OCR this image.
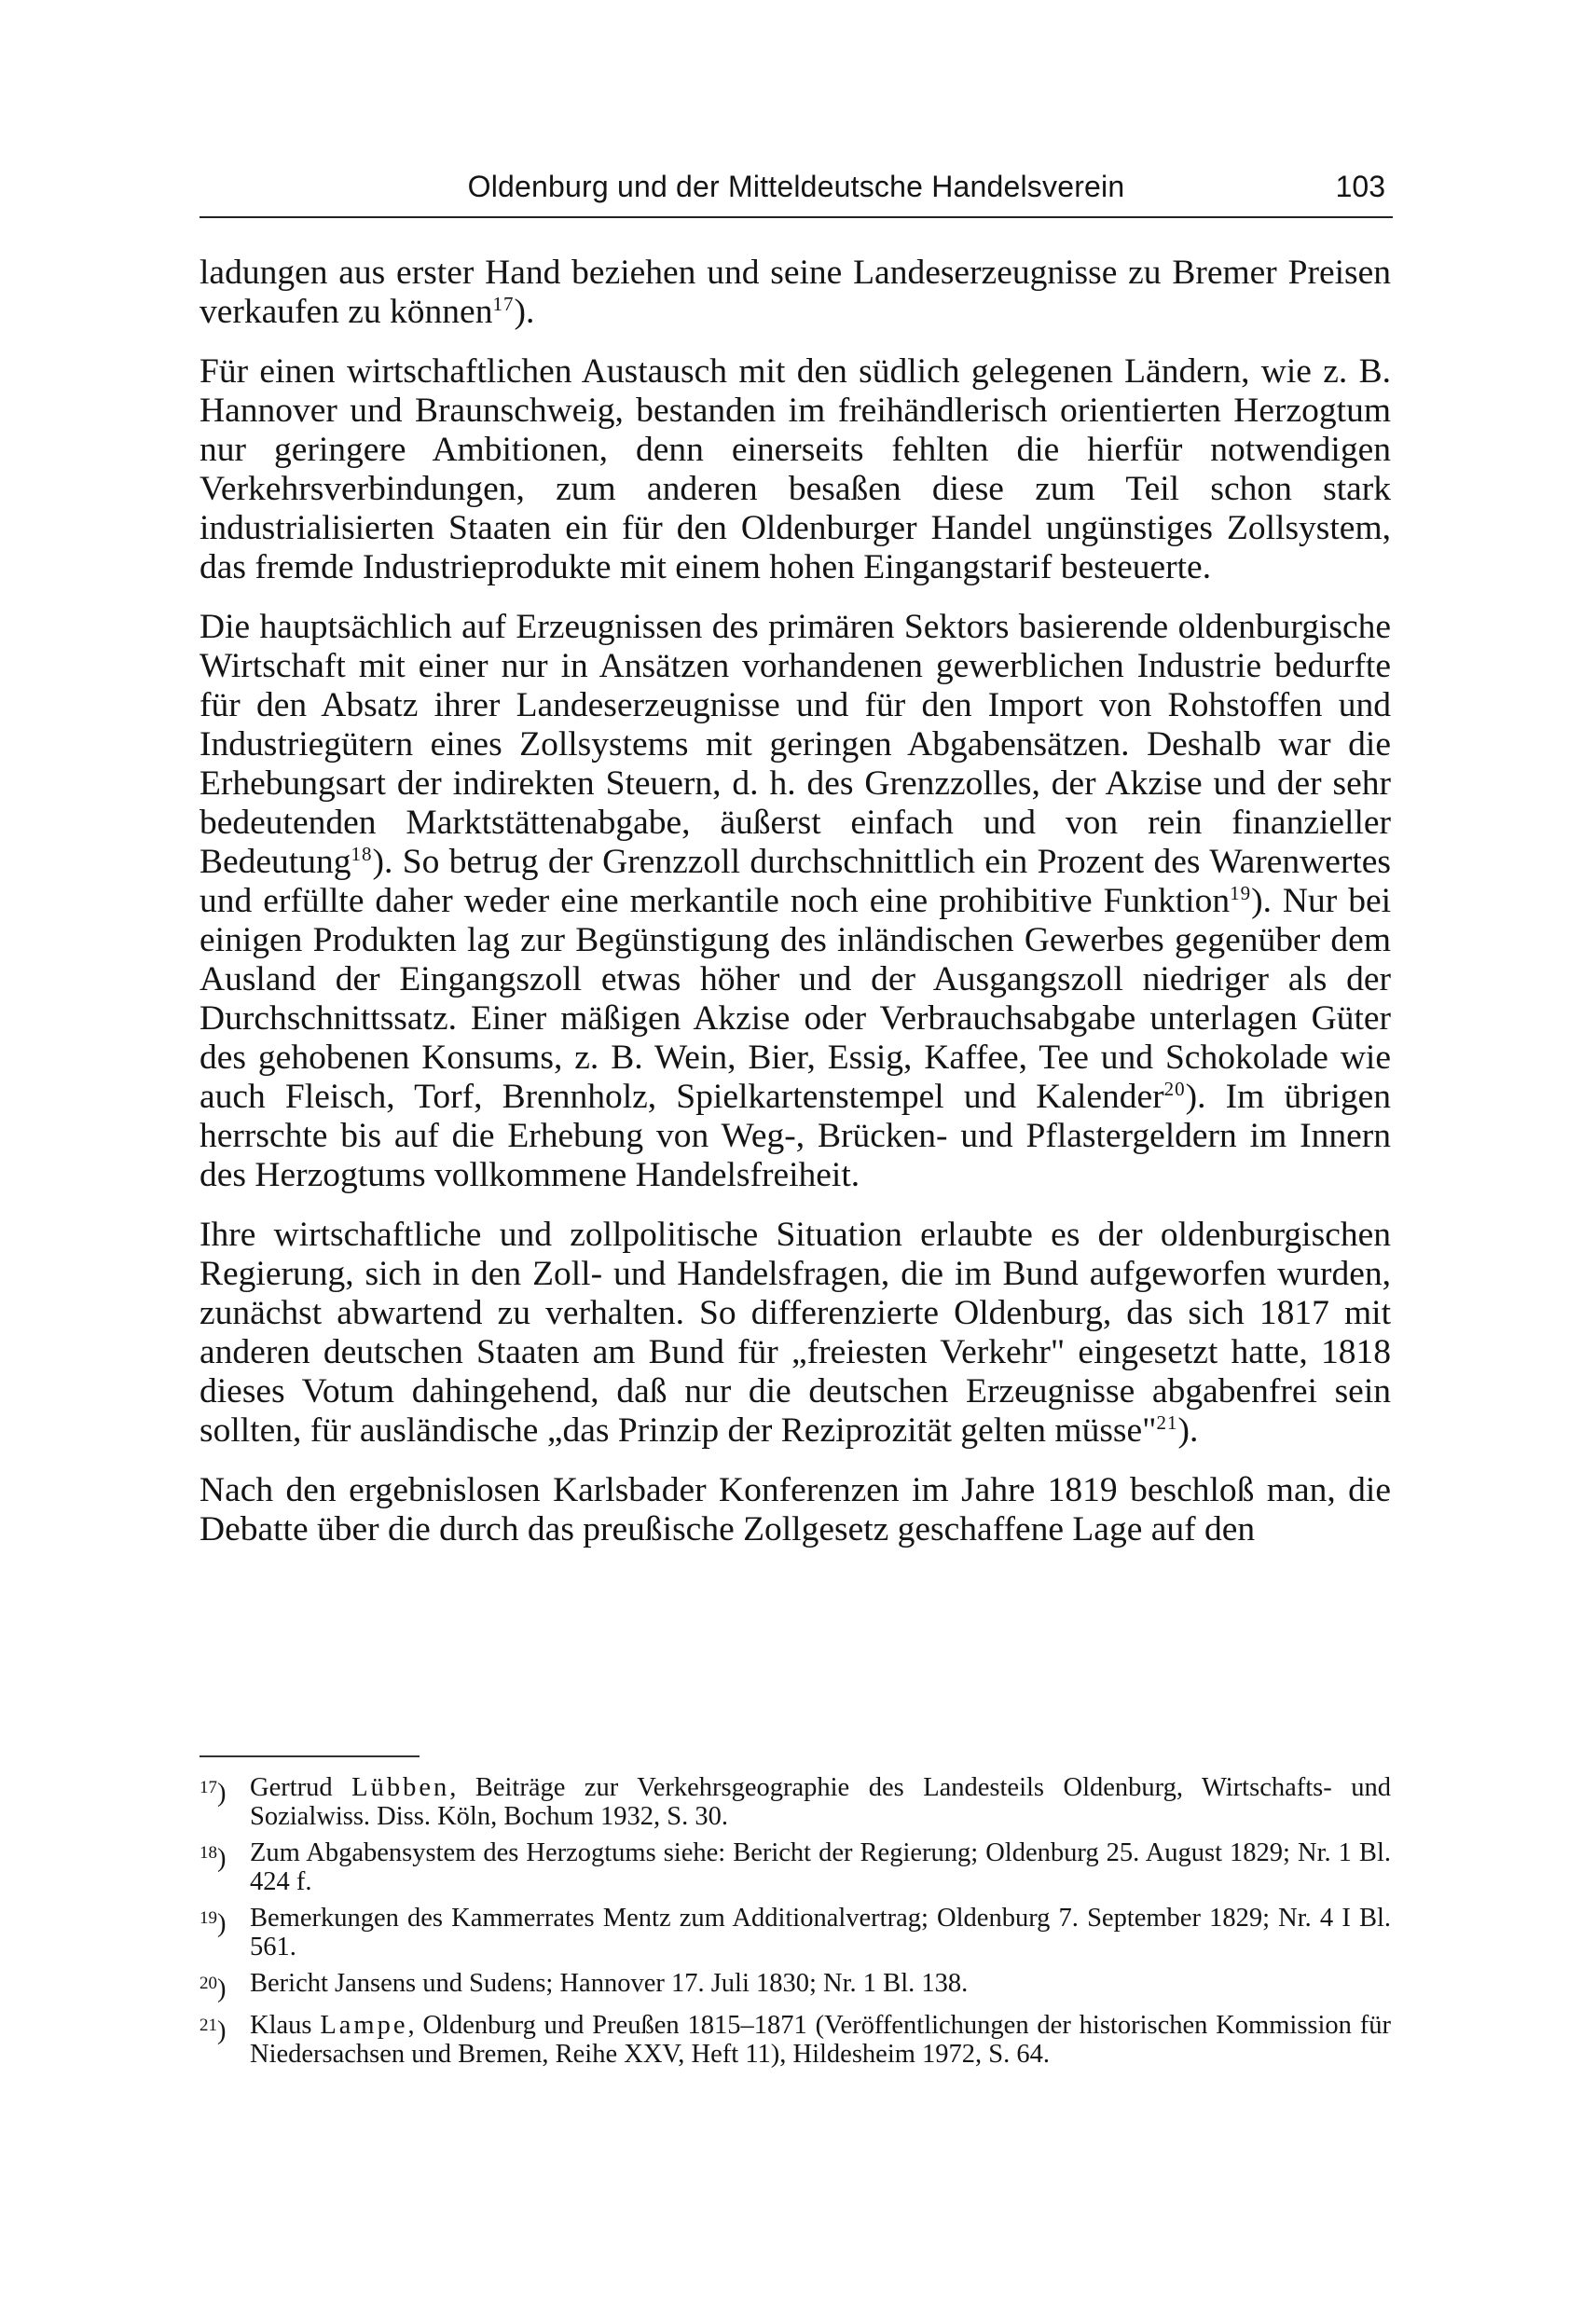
Oldenburg und der Mitteldeutsche Handelsverein	103

ladungen aus erster Hand beziehen und seine Landeserzeugnisse zu Bremer Preisen verkaufen zu können$^{17}$).

Für einen wirtschaftlichen Austausch mit den südlich gelegenen Ländern, wie z. B. Hannover und Braunschweig, bestanden im freihändlerisch orientierten Herzogtum nur geringere Ambitionen, denn einerseits fehlten die hierfür notwendigen Verkehrsverbindungen, zum anderen besaßen diese zum Teil schon stark industrialisierten Staaten ein für den Oldenburger Handel ungünstiges Zollsystem, das fremde Industrieprodukte mit einem hohen Eingangstarif besteuerte.

Die hauptsächlich auf Erzeugnissen des primären Sektors basierende oldenburgische Wirtschaft mit einer nur in Ansätzen vorhandenen gewerblichen Industrie bedurfte für den Absatz ihrer Landeserzeugnisse und für den Import von Rohstoffen und Industriegütern eines Zollsystems mit geringen Abgabensätzen. Deshalb war die Erhebungsart der indirekten Steuern, d. h. des Grenzzolles, der Akzise und der sehr bedeutenden Marktstättenabgabe, äußerst einfach und von rein finanzieller Bedeutung$^{18}$). So betrug der Grenzzoll durchschnittlich ein Prozent des Warenwertes und erfüllte daher weder eine merkantile noch eine prohibitive Funktion$^{19}$). Nur bei einigen Produkten lag zur Begünstigung des inländischen Gewerbes gegenüber dem Ausland der Eingangszoll etwas höher und der Ausgangszoll niedriger als der Durchschnittssatz. Einer mäßigen Akzise oder Verbrauchsabgabe unterlagen Güter des gehobenen Konsums, z. B. Wein, Bier, Essig, Kaffee, Tee und Schokolade wie auch Fleisch, Torf, Brennholz, Spielkartenstempel und Kalender$^{20}$). Im übrigen herrschte bis auf die Erhebung von Weg-, Brücken- und Pflastergeldern im Innern des Herzogtums vollkommene Handelsfreiheit.

Ihre wirtschaftliche und zollpolitische Situation erlaubte es der oldenburgischen Regierung, sich in den Zoll- und Handelsfragen, die im Bund aufgeworfen wurden, zunächst abwartend zu verhalten. So differenzierte Oldenburg, das sich 1817 mit anderen deutschen Staaten am Bund für „freiesten Verkehr" eingesetzt hatte, 1818 dieses Votum dahingehend, daß nur die deutschen Erzeugnisse abgabenfrei sein sollten, für ausländische „das Prinzip der Reziprozität gelten müsse"$^{21}$).

Nach den ergebnislosen Karlsbader Konferenzen im Jahre 1819 beschloß man, die Debatte über die durch das preußische Zollgesetz geschaffene Lage auf den

$^{17}$) Gertrud Lübben, Beiträge zur Verkehrsgeographie des Landesteils Oldenburg, Wirtschafts- und Sozialwiss. Diss. Köln, Bochum 1932, S. 30.
$^{18}$) Zum Abgabensystem des Herzogtums siehe: Bericht der Regierung; Oldenburg 25. August 1829; Nr. 1 Bl. 424 f.
$^{19}$) Bemerkungen des Kammerrates Mentz zum Additionalvertrag; Oldenburg 7. September 1829; Nr. 4 I Bl. 561.
$^{20}$) Bericht Jansens und Sudens; Hannover 17. Juli 1830; Nr. 1 Bl. 138.
$^{21}$) Klaus Lampe, Oldenburg und Preußen 1815–1871 (Veröffentlichungen der historischen Kommission für Niedersachsen und Bremen, Reihe XXV, Heft 11), Hildesheim 1972, S. 64.
